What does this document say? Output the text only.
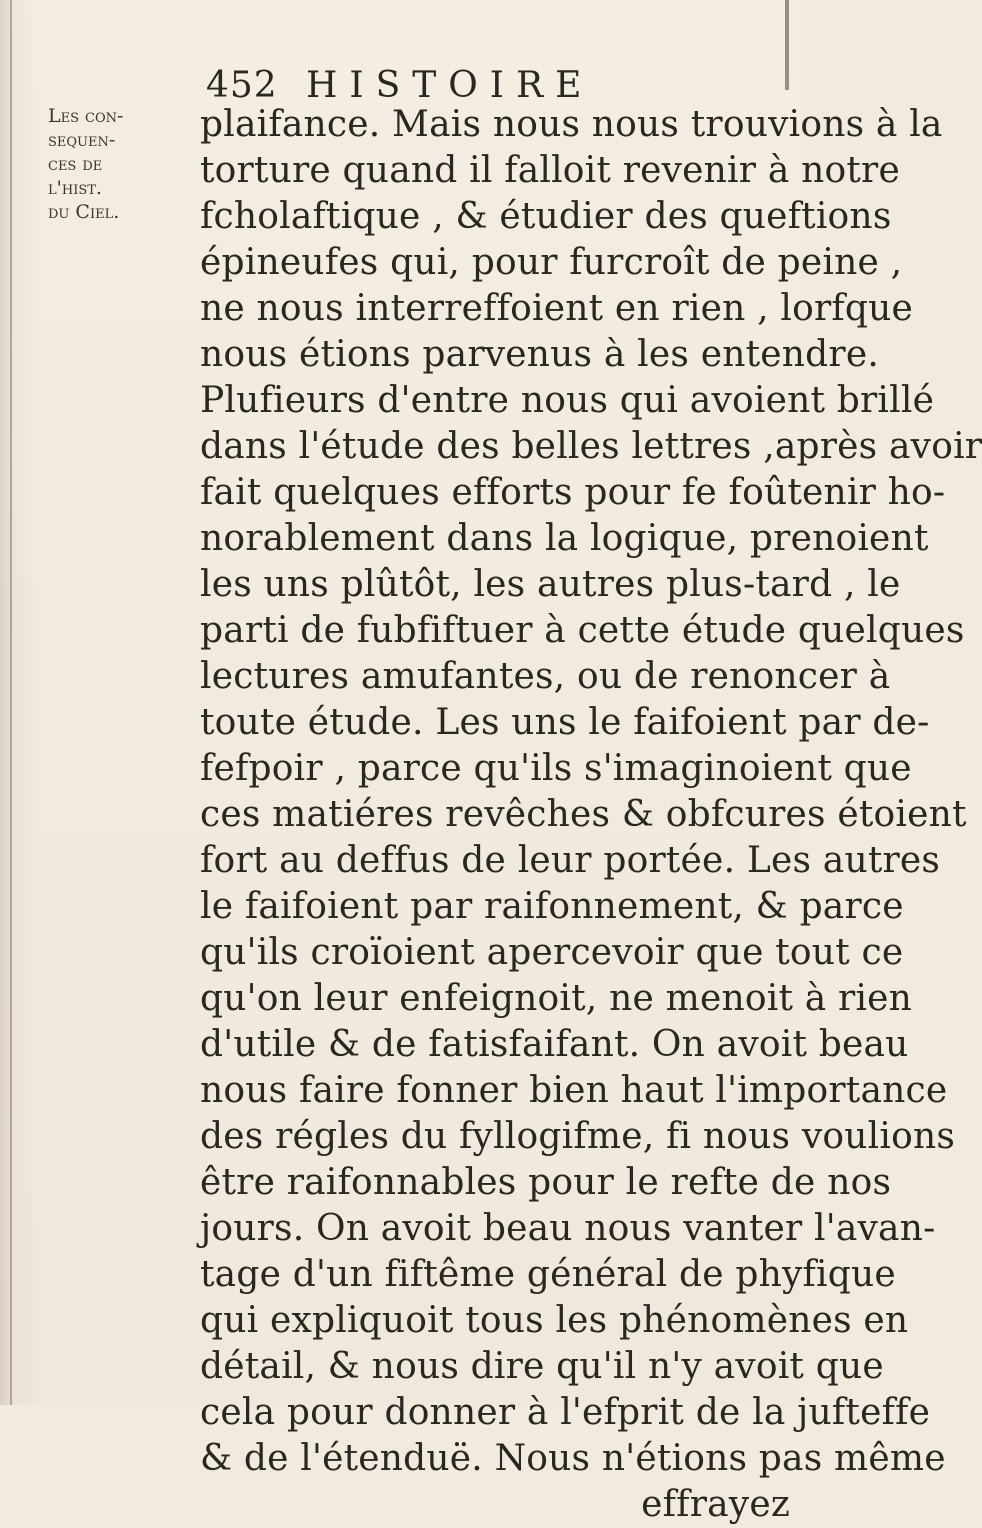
452 HISTOIRE
Les con-
sequen-
ces de
l'hist.
du Ciel.
plaifance. Mais nous nous trouvions à la
torture quand il falloit revenir à notre
fcholaftique , & étudier des queftions
épineufes qui, pour furcroît de peine ,
ne nous interreffoient en rien , lorfque
nous étions parvenus à les entendre.
Plufieurs d'entre nous qui avoient brillé
dans l'étude des belles lettres ,après avoir
fait quelques efforts pour fe foûtenir ho-
norablement dans la logique, prenoient
les uns plûtôt, les autres plus-tard , le
parti de fubfiftuer à cette étude quelques
lectures amufantes, ou de renoncer à
toute étude. Les uns le faifoient par de-
fefpoir , parce qu'ils s'imaginoient que
ces matiéres revêches & obfcures étoient
fort au deffus de leur portée. Les autres
le faifoient par raifonnement, & parce
qu'ils croïoient apercevoir que tout ce
qu'on leur enfeignoit, ne menoit à rien
d'utile & de fatisfaifant. On avoit beau
nous faire fonner bien haut l'importance
des régles du fyllogifme, fi nous voulions
être raifonnables pour le refte de nos
jours. On avoit beau nous vanter l'avan-
tage d'un fiftême général de phyfique
qui expliquoit tous les phénomènes en
détail, & nous dire qu'il n'y avoit que
cela pour donner à l'efprit de la jufteffe
& de l'étenduë. Nous n'étions pas même
effrayez
